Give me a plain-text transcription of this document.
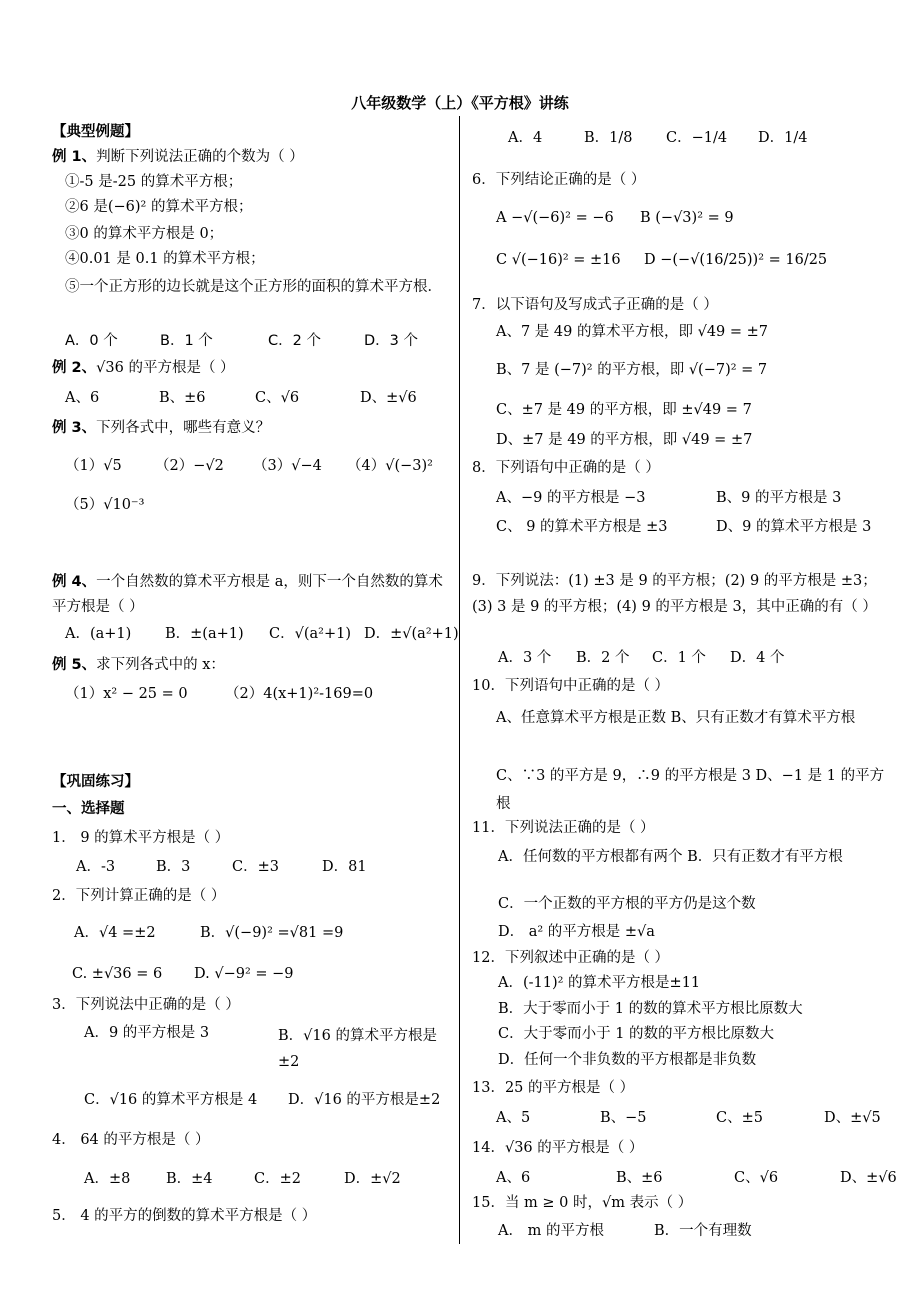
八年级数学（上）《平方根》讲练
【典型例题】
例 1、判断下列说法正确的个数为（ ）
①-5 是-25 的算术平方根；
②6 是(−6)² 的算术平方根；
③0 的算术平方根是 0；
④0.01 是 0.1 的算术平方根；
⑤一个正方形的边长就是这个正方形的面积的算术平方根．
A．0 个	B．1 个	C．2 个	D．3 个
例 2、√36 的平方根是（ ）
A、6	B、±6	C、√6	D、±√6
例 3、下列各式中，哪些有意义？
（1）√5 （2）−√2 （3）√−4 （4）√(−3)²
（5）√10⁻³
例 4、一个自然数的算术平方根是 a，则下一个自然数的算术平方根是（ ）
A．(a+1) B．±(a+1) C．√(a²+1) D．±√(a²+1)
例 5、求下列各式中的 x：
（1）x² − 25 = 0	（2）4(x+1)²-169=0
【巩固练习】
一、选择题
1． 9 的算术平方根是（ ）
A．-3	B．3	C．±3	D．81
2．下列计算正确的是（ ）
A．√4 =±2	B．√(−9)² =√81 =9
C. ±√36 = 6 D. √−9² = −9
3．下列说法中正确的是（ ）
A．9 的平方根是 3	B．√16 的算术平方根是±2
C．√16 的算术平方根是 4 D．√16 的平方根是±2
4． 64 的平方根是（ ）
A．±8 B．±4	C．±2	D．±√2
5． 4 的平方的倒数的算术平方根是（ ）
A．4	B．1/8 C．−1/4 D．1/4
6．下列结论正确的是（ ）
A −√(−6)² = −6 B (−√3)² = 9
C √(−16)² = ±16 D −(−√(16/25))² = 16/25
7．以下语句及写成式子正确的是（ ）
A、7 是 49 的算术平方根，即 √49 = ±7
B、7 是 (−7)² 的平方根，即 √(−7)² = 7
C、±7 是 49 的平方根，即 ±√49 = 7
D、±7 是 49 的平方根，即 √49 = ±7
8．下列语句中正确的是（ ）
A、−9 的平方根是 −3	B、9 的平方根是 3
C、 9 的算术平方根是 ±3	D、9 的算术平方根是 3
9．下列说法：(1) ±3 是 9 的平方根；(2) 9 的平方根是 ±3；(3) 3 是 9 的平方根；(4) 9 的平方根是 3，其中正确的有（ ）
A．3 个 B．2 个 C．1 个 D．4 个
10．下列语句中正确的是（ ）
A、任意算术平方根是正数 B、只有正数才有算术平方根
C、∵3 的平方是 9，∴9 的平方根是 3 D、−1 是 1 的平方根
11．下列说法正确的是（ ）
A．任何数的平方根都有两个 B．只有正数才有平方根
C．一个正数的平方根的平方仍是这个数
D． a² 的平方根是 ±√a
12．下列叙述中正确的是（ ）
A．(-11)² 的算术平方根是±11
B．大于零而小于 1 的数的算术平方根比原数大
C．大于零而小于 1 的数的平方根比原数大
D．任何一个非负数的平方根都是非负数
13．25 的平方根是（ ）
A、5	B、−5	C、±5	D、±√5
14．√36 的平方根是（ ）
A、6	B、±6	C、√6	D、±√6
15．当 m ≥ 0 时，√m 表示（ ）
A． m 的平方根	B．一个有理数
